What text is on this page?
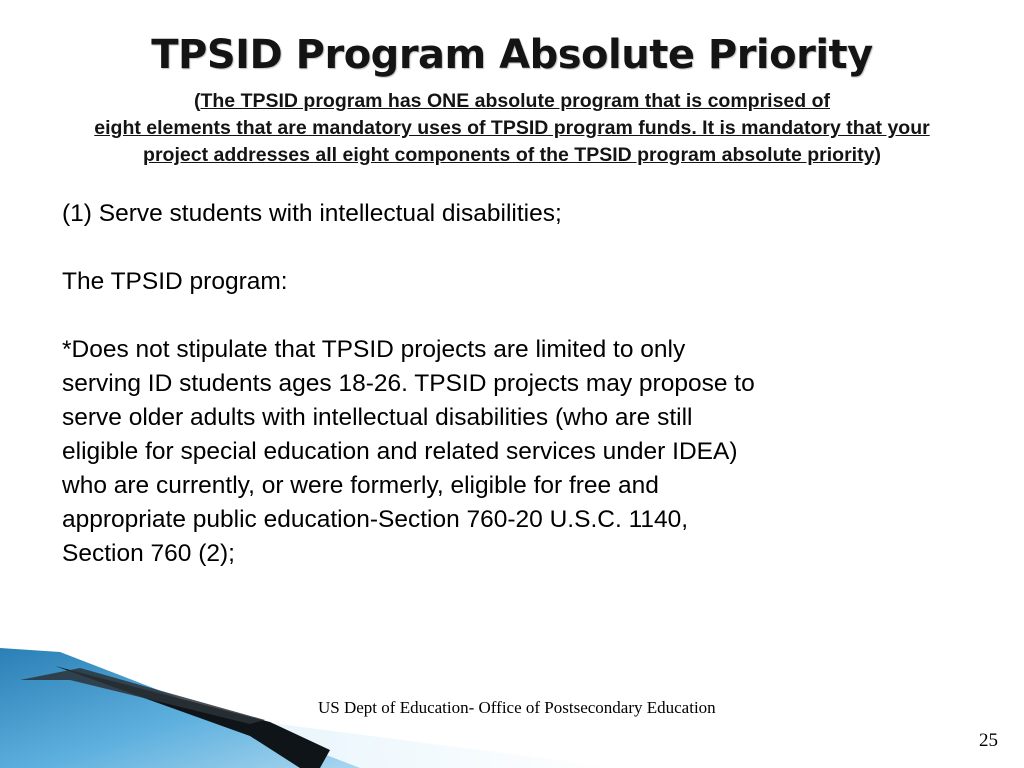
TPSID Program Absolute Priority
(The TPSID program has ONE absolute program that is comprised of
eight elements that are mandatory uses of TPSID program funds. It is mandatory that your
project addresses all eight components of the TPSID program absolute priority)

(1) Serve students with intellectual disabilities;

The TPSID program:

*Does not stipulate that TPSID projects are limited to only

serving ID students ages 18-26. TPSID projects may propose to

serve older adults with intellectual disabilities (who are still

eligible for special education and related services under IDEA)

who are currently, or were formerly, eligible for free and

appropriate public education-Section 760-20 U.S.C. 1140,

Section 760 (2);

US Dept of Education- Office of Postsecondary Education
25
